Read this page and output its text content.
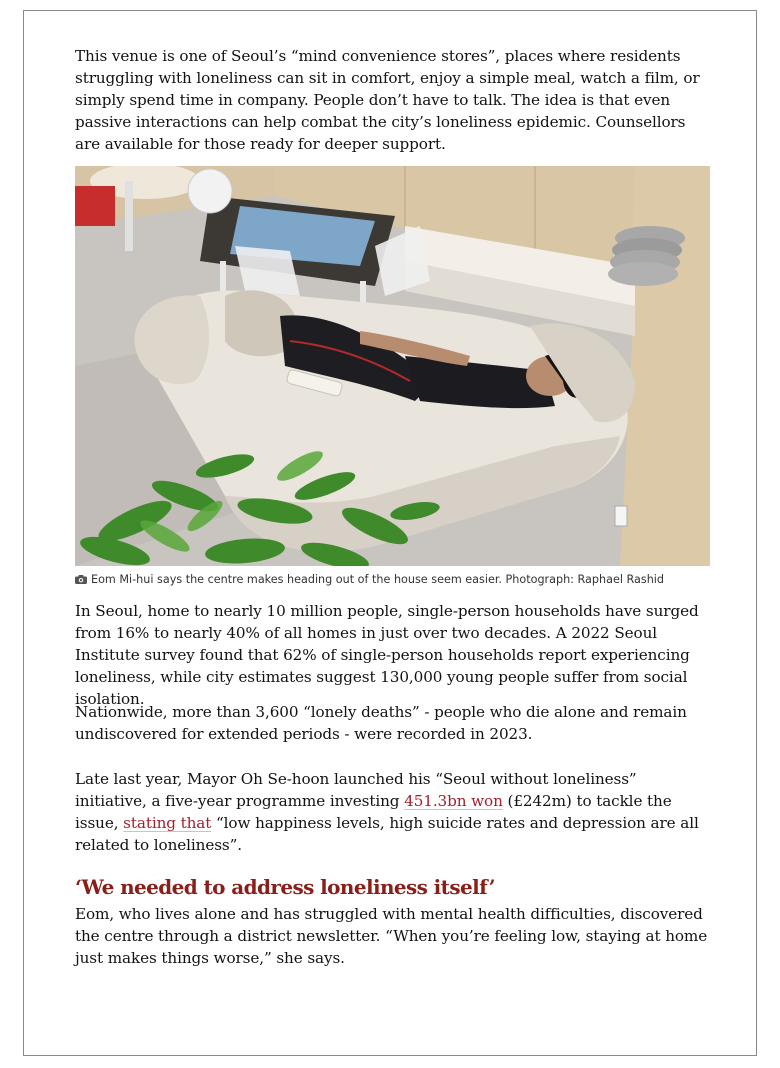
This venue is one of Seoul’s “mind convenience stores”, places where residents struggling with loneliness can sit in comfort, enjoy a simple meal, watch a film, or simply spend time in company. People don’t have to talk. The idea is that even passive interactions can help combat the city’s loneliness epidemic. Counsellors are available for those ready for deeper support.

Eom Mi-hui says the centre makes heading out of the house seem easier. Photograph: Raphael Rashid

In Seoul, home to nearly 10 million people, single-person households have surged from 16% to nearly 40% of all homes in just over two decades. A 2022 Seoul Institute survey found that 62% of single-person households report experiencing loneliness, while city estimates suggest 130,000 young people suffer from social isolation.

Nationwide, more than 3,600 “lonely deaths” - people who die alone and remain undiscovered for extended periods - were recorded in 2023.

Late last year, Mayor Oh Se-hoon launched his “Seoul without loneliness” initiative, a five-year programme investing 451.3bn won (£242m) to tackle the issue, stating that “low happiness levels, high suicide rates and depression are all related to loneliness”.

‘We needed to address loneliness itself’

Eom, who lives alone and has struggled with mental health difficulties, discovered the centre through a district newsletter. “When you’re feeling low, staying at home just makes things worse,” she says.
